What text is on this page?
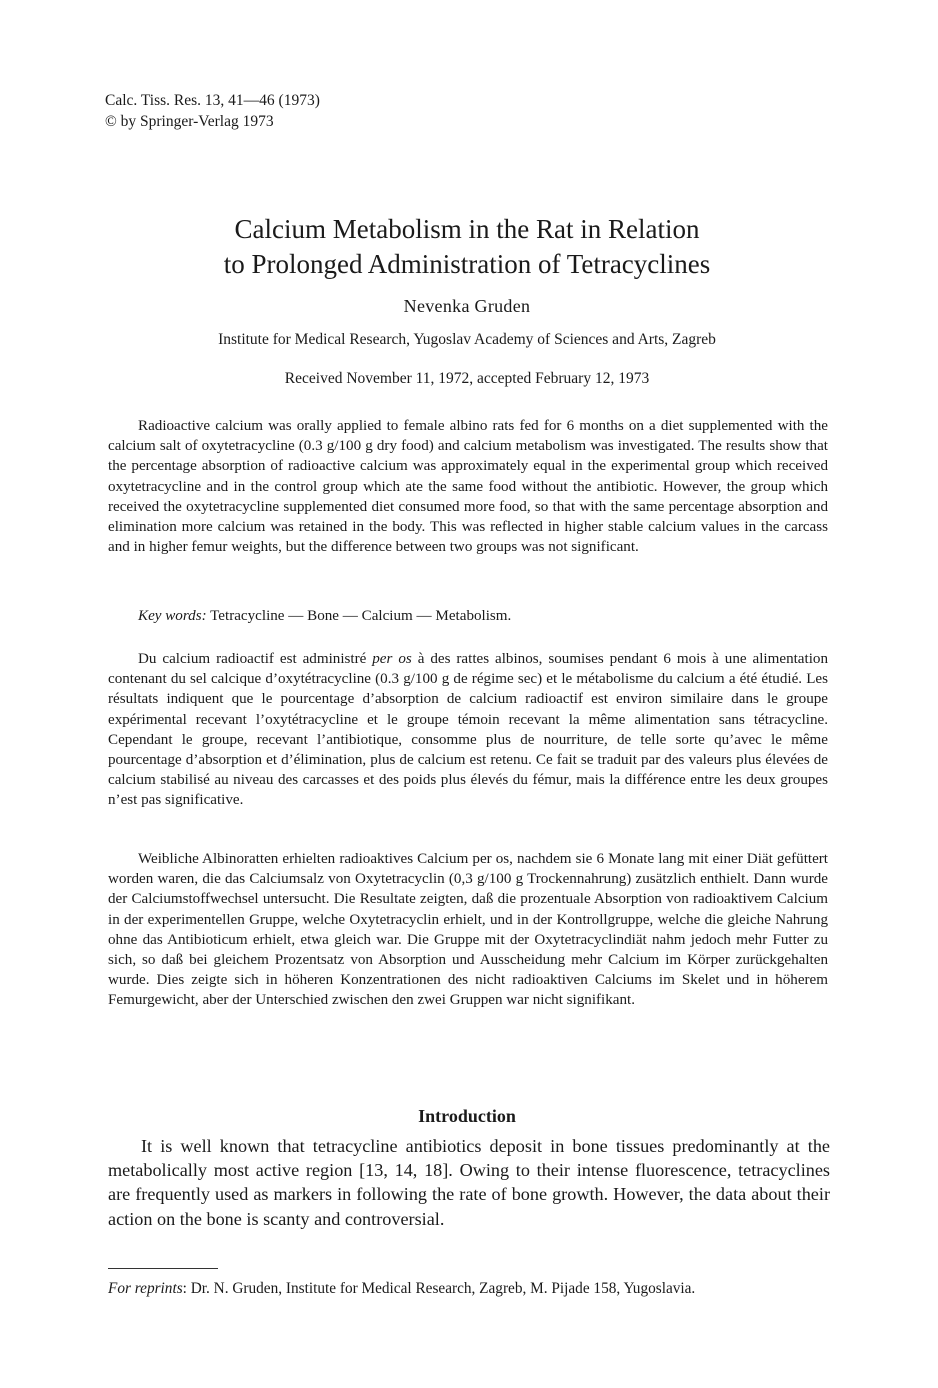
Calc. Tiss. Res. 13, 41—46 (1973)
© by Springer-Verlag 1973
Calcium Metabolism in the Rat in Relation
to Prolonged Administration of Tetracyclines
Nevenka Gruden
Institute for Medical Research, Yugoslav Academy of Sciences and Arts, Zagreb
Received November 11, 1972, accepted February 12, 1973

Radioactive calcium was orally applied to female albino rats fed for 6 months on a diet supplemented with the calcium salt of oxytetracycline (0.3 g/100 g dry food) and calcium metabolism was investigated. The results show that the percentage absorption of radioactive calcium was approximately equal in the experimental group which received oxytetracycline and in the control group which ate the same food without the antibiotic. However, the group which received the oxytetracycline supplemented diet consumed more food, so that with the same percentage absorption and elimination more calcium was retained in the body. This was reflected in higher stable calcium values in the carcass and in higher femur weights, but the difference between two groups was not significant.

Key words: Tetracycline — Bone — Calcium — Metabolism.

Du calcium radioactif est administré per os à des rattes albinos, soumises pendant 6 mois à une alimentation contenant du sel calcique d’oxytétracycline (0.3 g/100 g de régime sec) et le métabolisme du calcium a été étudié. Les résultats indiquent que le pourcentage d’absorption de calcium radioactif est environ similaire dans le groupe expérimental recevant l’oxytétracycline et le groupe témoin recevant la même alimentation sans tétracycline. Cependant le groupe, recevant l’antibiotique, consomme plus de nourriture, de telle sorte qu’avec le même pourcentage d’absorption et d’élimination, plus de calcium est retenu. Ce fait se traduit par des valeurs plus élevées de calcium stabilisé au niveau des carcasses et des poids plus élevés du fémur, mais la différence entre les deux groupes n’est pas significative.

Weibliche Albinoratten erhielten radioaktives Calcium per os, nachdem sie 6 Monate lang mit einer Diät gefüttert worden waren, die das Calciumsalz von Oxytetracyclin (0,3 g/100 g Trockennahrung) zusätzlich enthielt. Dann wurde der Calciumstoffwechsel untersucht. Die Resultate zeigten, daß die prozentuale Absorption von radioaktivem Calcium in der experimentellen Gruppe, welche Oxytetracyclin erhielt, und in der Kontrollgruppe, welche die gleiche Nahrung ohne das Antibioticum erhielt, etwa gleich war. Die Gruppe mit der Oxytetracyclindiät nahm jedoch mehr Futter zu sich, so daß bei gleichem Prozentsatz von Absorption und Ausscheidung mehr Calcium im Körper zurückgehalten wurde. Dies zeigte sich in höheren Konzentrationen des nicht radioaktiven Calciums im Skelet und in höherem Femurgewicht, aber der Unterschied zwischen den zwei Gruppen war nicht signifikant.

Introduction

It is well known that tetracycline antibiotics deposit in bone tissues predominantly at the metabolically most active region [13, 14, 18]. Owing to their intense fluorescence, tetracyclines are frequently used as markers in following the rate of bone growth. However, the data about their action on the bone is scanty and controversial.

For reprints: Dr. N. Gruden, Institute for Medical Research, Zagreb, M. Pijade 158, Yugoslavia.
